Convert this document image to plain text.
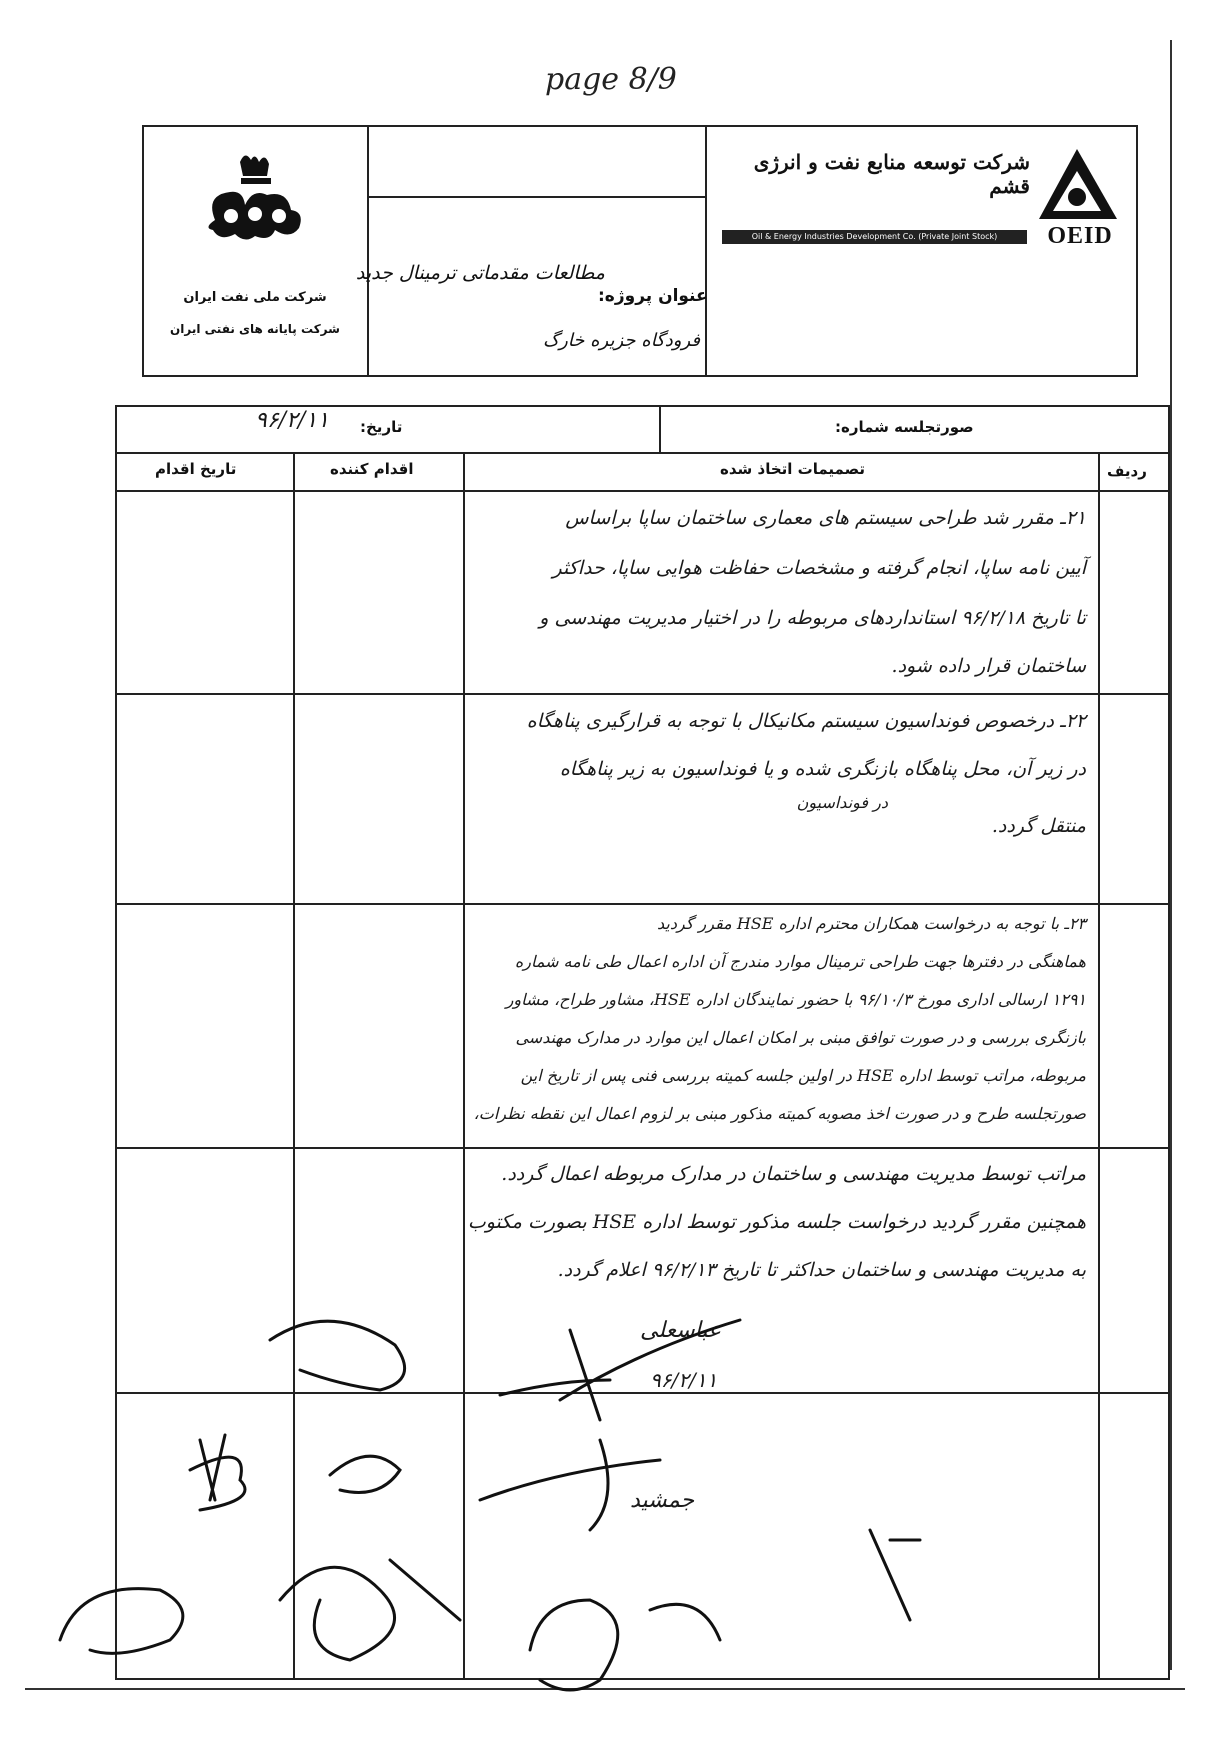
page 8/9
شرکت ملی نفت ایران
شرکت پایانه های نفتی ایران
OEID
شرکت توسعه منابع نفت و انرژی قشم
Oil & Energy Industries Development Co. (Private Joint Stock)
عنوان پروژه:
مطالعات مقدماتی ترمینال جدید
فرودگاه جزیره خارگ
صورتجلسه شماره:
تاریخ:
۹۶/۲/۱۱
ردیف
تصمیمات اتخاذ شده
اقدام کننده
تاریخ اقدام
۲۱ـ مقرر شد طراحی سیستم های معماری ساختمان ساپا براساس
آیین نامه ساپا، انجام گرفته و مشخصات حفاظت هوایی ساپا، حداکثر
تا تاریخ ۹۶/۲/۱۸ استانداردهای مربوطه را در اختیار مدیریت مهندسی و
ساختمان قرار داده شود.
۲۲ـ درخصوص فونداسیون سیستم مکانیکال با توجه به قرارگیری پناهگاه
در زیر آن، محل پناهگاه بازنگری شده و یا فونداسیون به زیر پناهگاه
در فونداسیون
منتقل گردد.
۲۳ـ با توجه به درخواست همکاران محترم اداره HSE مقرر گردید
هماهنگی در دفترها جهت طراحی ترمینال موارد مندرج آن اداره اعمال طی نامه شماره
۱۲۹۱ ارسالی اداری مورخ ۹۶/۱۰/۳ با حضور نمایندگان اداره HSE، مشاور طراح، مشاور
بازنگری بررسی و در صورت توافق مبنی بر امکان اعمال این موارد در مدارک مهندسی
مربوطه، مراتب توسط اداره HSE در اولین جلسه کمیته بررسی فنی پس از تاریخ این
صورتجلسه طرح و در صورت اخذ مصوبه کمیته مذکور مبنی بر لزوم اعمال این نقطه نظرات،
مراتب توسط مدیریت مهندسی و ساختمان در مدارک مربوطه اعمال گردد.
همچنین مقرر گردید درخواست جلسه مذکور توسط اداره HSE بصورت مکتوب
به مدیریت مهندسی و ساختمان حداکثر تا تاریخ ۹۶/۲/۱۳ اعلام گردد.
عباسعلی
۹۶/۲/۱۱
جمشید
